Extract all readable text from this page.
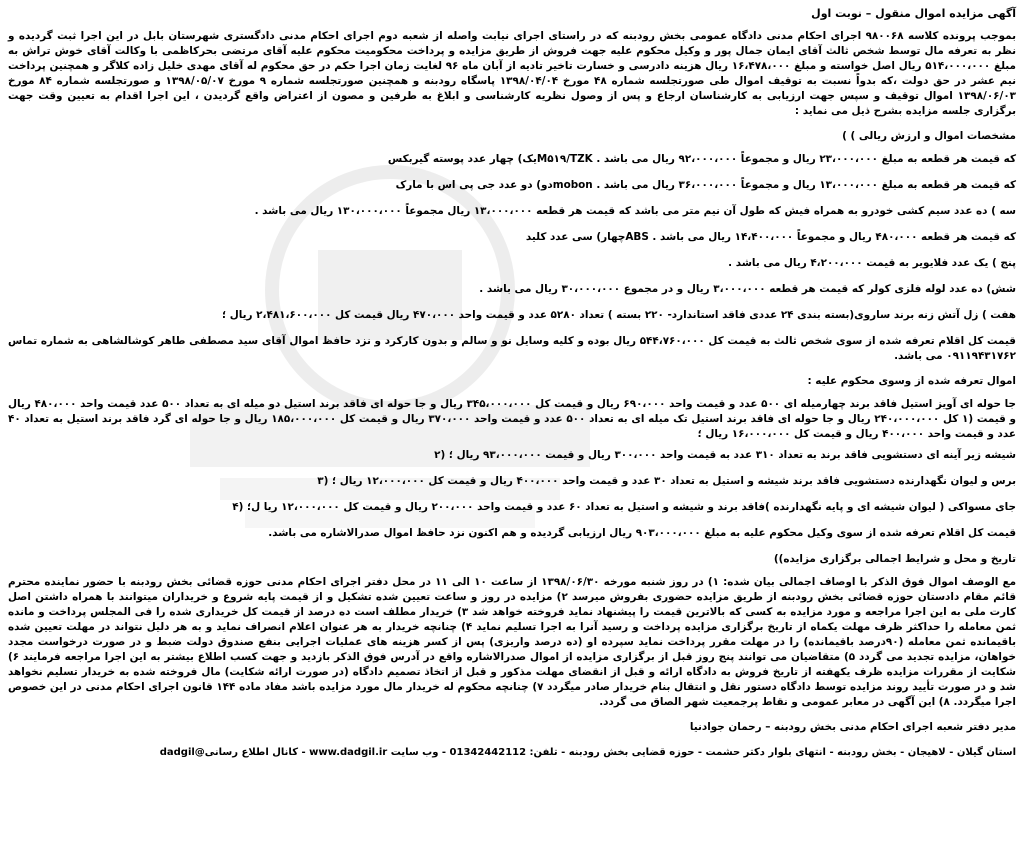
آگهی مزایده اموال منقول – نوبت اول
بموجب پرونده کلاسه ۹۸۰۰۶۸ اجرای احکام مدنی دادگاه عمومی بخش رودبنه که در راستای اجرای نیابت واصله از شعبه دوم اجرای احکام مدنی دادگستری شهرستان بابل در این اجرا ثبت گردیده و نظر به تعرفه مال توسط شخص ثالث آقای ایمان جمال پور و وکیل محکوم علیه جهت فروش از طریق مزایده و پرداخت محکومیت محکوم علیه آقای مرتضی بحرکاظمی با وکالت آقای خوش تراش به مبلغ ۵۱۴،۰۰۰،۰۰۰ ریال اصل خواسته و مبلغ ۱۶،۴۷۸،۰۰۰ ریال هزینه دادرسی و خسارت تاخیر تادیه از آبان ماه ۹۶ لغایت زمان اجرا حکم در حق محکوم له آقای مهدی خلیل زاده کلاگر و همچنین پرداخت نیم عشر در حق دولت ،که بدواً نسبت به توقیف اموال طی صورتجلسه شماره ۴۸ مورخ ۱۳۹۸/۰۴/۰۴ پاسگاه رودبنه و همچنین صورتجلسه شماره ۹ مورخ ۱۳۹۸/۰۵/۰۷ و صورتجلسه شماره ۸۴ مورخ ۱۳۹۸/۰۶/۰۳ اموال توقیف و سپس جهت ارزیابی به کارشناسان ارجاع و پس از وصول نظریه کارشناسی و ابلاغ به طرفین و مصون از اعتراض واقع گردیدن ، این اجرا اقدام به تعیین وقت جهت برگزاری جلسه مزایده بشرح ذیل می نماید :
مشخصات اموال و ارزش ریالی ) )
که قیمت هر قطعه به مبلغ ۲۳،۰۰۰،۰۰۰ ریال و مجموعاً ۹۲،۰۰۰،۰۰۰ ریال می باشد . M۵۱۹/TZKیک) چهار عدد پوسته گیربکس
که قیمت هر قطعه به مبلغ ۱۳،۰۰۰،۰۰۰ ریال و مجموعاً ۳۶،۰۰۰،۰۰۰ ریال می باشد . mobonدو) دو عدد جی پی اس با مارک
سه ) ده عدد سیم کشی خودرو به همراه فیش که طول آن نیم متر می باشد که قیمت هر قطعه ۱۳،۰۰۰،۰۰۰ ریال مجموعاً ۱۳۰،۰۰۰،۰۰۰ ریال می باشد .
که قیمت هر قطعه ۴۸۰،۰۰۰ ریال و مجموعاً ۱۴،۴۰۰،۰۰۰ ریال می باشد . ABSچهار) سی عدد کلید
پنج ) یک عدد فلایویر به قیمت ۴،۲۰۰،۰۰۰ ریال می باشد .
شش) ده عدد لوله فلزی کولر که قیمت هر قطعه ۳،۰۰۰،۰۰۰ ریال و در مجموع ۳۰،۰۰۰،۰۰۰ ریال می باشد .
هفت ) زل آتش زنه برند ساروی(بسته بندی ۲۴ عددی فاقد استاندارد- ۲۲۰ بسته ) تعداد ۵۲۸۰ عدد و قیمت واحد ۴۷۰،۰۰۰ ریال قیمت کل ۲،۴۸۱،۶۰۰،۰۰۰ ریال ؛
قیمت کل اقلام تعرفه شده از سوی شخص ثالث به قیمت کل ۵۴۴،۷۶۰،۰۰۰ ریال بوده و کلیه وسایل نو و سالم و بدون کارکرد و نزد حافظ اموال آقای سید مصطفی طاهر کوشالشاهی به شماره تماس ۰۹۱۱۹۴۳۱۷۶۲ می باشد.
اموال تعرفه شده از وسوی محکوم علیه :
جا حوله ای آویز استیل فاقد برند چهارمیله ای ۵۰۰ عدد و قیمت واحد ۶۹۰،۰۰۰ ریال و قیمت کل ۳۴۵،۰۰۰،۰۰۰ ریال و جا حوله ای فاقد برند استیل دو میله ای به تعداد ۵۰۰ عدد قیمت واحد ۴۸۰،۰۰۰ ریال و قیمت (۱ کل ۲۴۰،۰۰۰،۰۰۰ ریال و جا حوله ای فاقد برند استیل تک میله ای به تعداد ۵۰۰ عدد و قیمت واحد ۳۷۰،۰۰۰ ریال و قیمت کل ۱۸۵،۰۰۰،۰۰۰ ریال و جا حوله ای گرد فاقد برند استیل به تعداد ۴۰ عدد و قیمت واحد ۴۰۰،۰۰۰ ریال و قیمت کل ۱۶،۰۰۰،۰۰۰ ریال ؛
شیشه زیر آینه ای دستشویی فاقد برند به تعداد ۳۱۰ عدد به قیمت واحد ۳۰۰،۰۰۰ ریال و قیمت ۹۳،۰۰۰،۰۰۰ ریال ؛ (۲
برس و لیوان نگهدارنده دستشویی فاقد برند شیشه و استیل به تعداد ۳۰ عدد و قیمت واحد ۴۰۰،۰۰۰ ریال و قیمت کل ۱۲،۰۰۰،۰۰۰ ریال ؛ (۳
جای مسواکی ( لیوان شیشه ای و پایه نگهدارنده )فاقد برند و شیشه و استیل به تعداد ۶۰ عدد و قیمت واحد ۲۰۰،۰۰۰ ریال و قیمت کل ۱۲،۰۰۰،۰۰۰ ریا ل؛ (۴
قیمت کل اقلام تعرفه شده از سوی وکیل محکوم علیه به مبلغ ۹۰۳،۰۰۰،۰۰۰ ریال ارزیابی گردیده و هم اکنون نزد حافظ اموال صدرالاشاره می باشد.
تاریخ و محل و شرایط اجمالی برگزاری مزایده))
مع الوصف اموال فوق الذکر با اوصاف اجمالی بیان شده: ۱) در روز شنبه مورخه ۱۳۹۸/۰۶/۳۰ از ساعت ۱۰ الی ۱۱ در محل دفتر اجرای احکام مدنی حوزه قضائی بخش رودبنه با حضور نماینده محترم قائم مقام دادستان حوزه قضائی بخش رودبنه از طریق مزایده حضوری بفروش میرسد ۲) مزایده در روز و ساعت تعیین شده تشکیل و از قیمت پایه شروع و خریداران میتوانند با همراه داشتن اصل کارت ملی به این اجرا مراجعه و مورد مزایده به کسی که بالاترین قیمت را پیشنهاد نماید فروخته خواهد شد ۳) خریدار مطلف است ده درصد از قیمت کل خریداری شده را فی المجلس پرداخت و مانده ثمن معامله را حداکثر ظرف مهلت یکماه از تاریخ برگزاری مزایده پرداخت و رسید آنرا به اجرا تسلیم نماید ۴) چنانچه خریدار به هر عنوان اعلام انصراف نماید و به هر دلیل نتواند در مهلت تعیین شده باقیمانده ثمن معامله (۹۰درصد باقیمانده) را در مهلت مقرر پرداخت نماید سپرده او (ده درصد واریزی) پس از کسر هزینه های عملیات اجرایی بنفع صندوق دولت ضبط و در صورت درخواست مجدد خواهان، مزایده تجدید می گردد ۵) متقاضیان می توانند پنج روز قبل از برگزاری مزایده از اموال صدرالاشاره واقع در آدرس فوق الذکر بازدید و جهت کسب اطلاع بیشتر به این اجرا مراجعه فرمایند ۶) شکایت از مقررات مزایده ظرف یکهفته از تاریخ فروش به دادگاه ارائه و قبل از انقضای مهلت مذکور و قبل از اتخاذ تصمیم دادگاه (در صورت ارائه شکایت) مال فروخته شده به خریدار تسلیم نخواهد شد و در صورت تأیید روند مزایده توسط دادگاه دستور نقل و انتقال بنام خریدار صادر میگردد ۷) چنانچه محکوم له خریدار مال مورد مزایده باشد مفاد ماده ۱۴۴ قانون اجرای احکام مدنی در این خصوص اجرا میگردد. ۸) این آگهی در معابر عمومی و نقاط پرجمعیت شهر الصاق می گردد.
مدیر دفتر شعبه اجرای احکام مدنی بخش رودبنه – رحمان جوادنیا
dadgil@کانال اطلاع رسانی - www.dadgil.ir استان گیلان - لاهیجان - بخش رودبنه - انتهای بلوار دکتر حشمت - حوزه قضایی بخش رودبنه - تلفن: 01342442112 - وب سایت
